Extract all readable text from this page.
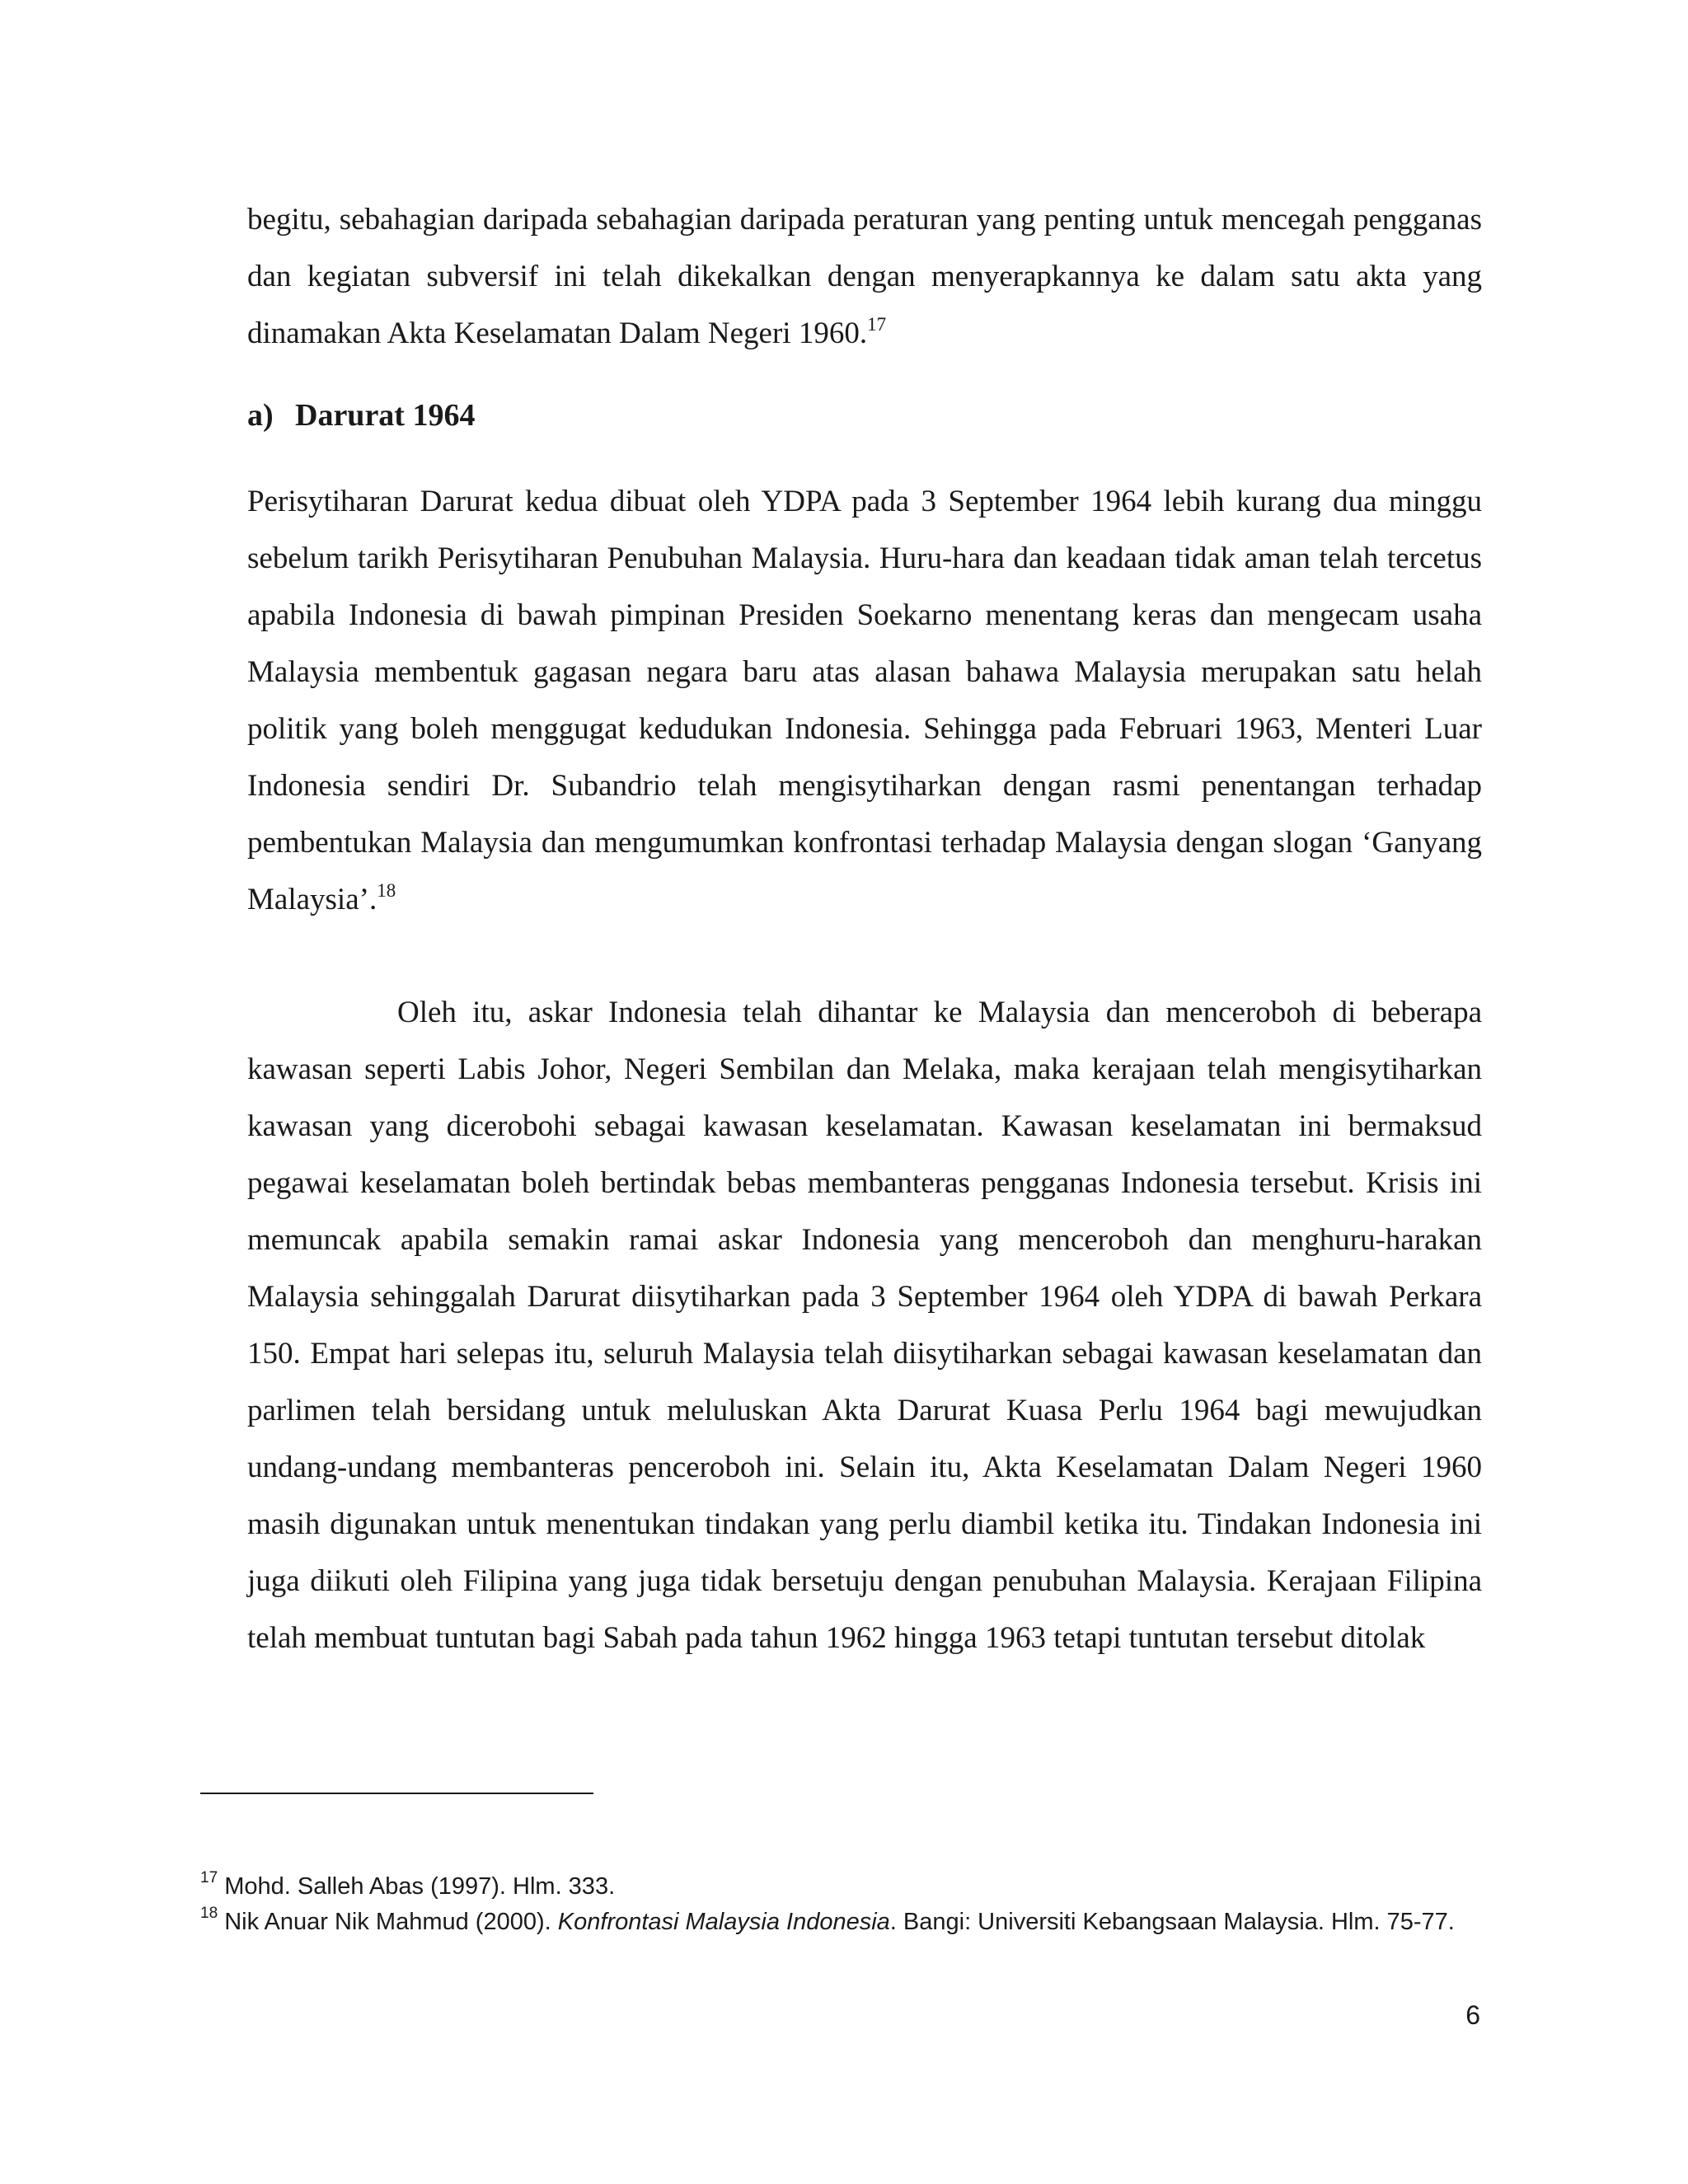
begitu, sebahagian daripada sebahagian daripada peraturan yang penting untuk mencegah pengganas dan kegiatan subversif ini telah dikekalkan dengan menyerapkannya ke dalam satu akta yang dinamakan Akta Keselamatan Dalam Negeri 1960.17

a) Darurat 1964

Perisytiharan Darurat kedua dibuat oleh YDPA pada 3 September 1964 lebih kurang dua minggu sebelum tarikh Perisytiharan Penubuhan Malaysia. Huru-hara dan keadaan tidak aman telah tercetus apabila Indonesia di bawah pimpinan Presiden Soekarno menentang keras dan mengecam usaha Malaysia membentuk gagasan negara baru atas alasan bahawa Malaysia merupakan satu helah politik yang boleh menggugat kedudukan Indonesia. Sehingga pada Februari 1963, Menteri Luar Indonesia sendiri Dr. Subandrio telah mengisytiharkan dengan rasmi penentangan terhadap pembentukan Malaysia dan mengumumkan konfrontasi terhadap Malaysia dengan slogan ‘Ganyang Malaysia’.$^{18}$

Oleh itu, askar Indonesia telah dihantar ke Malaysia dan menceroboh di beberapa kawasan seperti Labis Johor, Negeri Sembilan dan Melaka, maka kerajaan telah mengisytiharkan kawasan yang dicerobohi sebagai kawasan keselamatan. Kawasan keselamatan ini bermaksud pegawai keselamatan boleh bertindak bebas membanteras pengganas Indonesia tersebut. Krisis ini memuncak apabila semakin ramai askar Indonesia yang menceroboh dan menghuru-harakan Malaysia sehinggalah Darurat diisytiharkan pada 3 September 1964 oleh YDPA di bawah Perkara 150. Empat hari selepas itu, seluruh Malaysia telah diisytiharkan sebagai kawasan keselamatan dan parlimen telah bersidang untuk meluluskan Akta Darurat Kuasa Perlu 1964 bagi mewujudkan undang-undang membanteras penceroboh ini. Selain itu, Akta Keselamatan Dalam Negeri 1960 masih digunakan untuk menentukan tindakan yang perlu diambil ketika itu. Tindakan Indonesia ini juga diikuti oleh Filipina yang juga tidak bersetuju dengan penubuhan Malaysia. Kerajaan Filipina telah membuat tuntutan bagi Sabah pada tahun 1962 hingga 1963 tetapi tuntutan tersebut ditolak

$^{17}$ Mohd. Salleh Abas (1997). Hlm. 333.
$^{18}$ Nik Anuar Nik Mahmud (2000). Konfrontasi Malaysia Indonesia. Bangi: Universiti Kebangsaan Malaysia. Hlm. 75-77.
6
